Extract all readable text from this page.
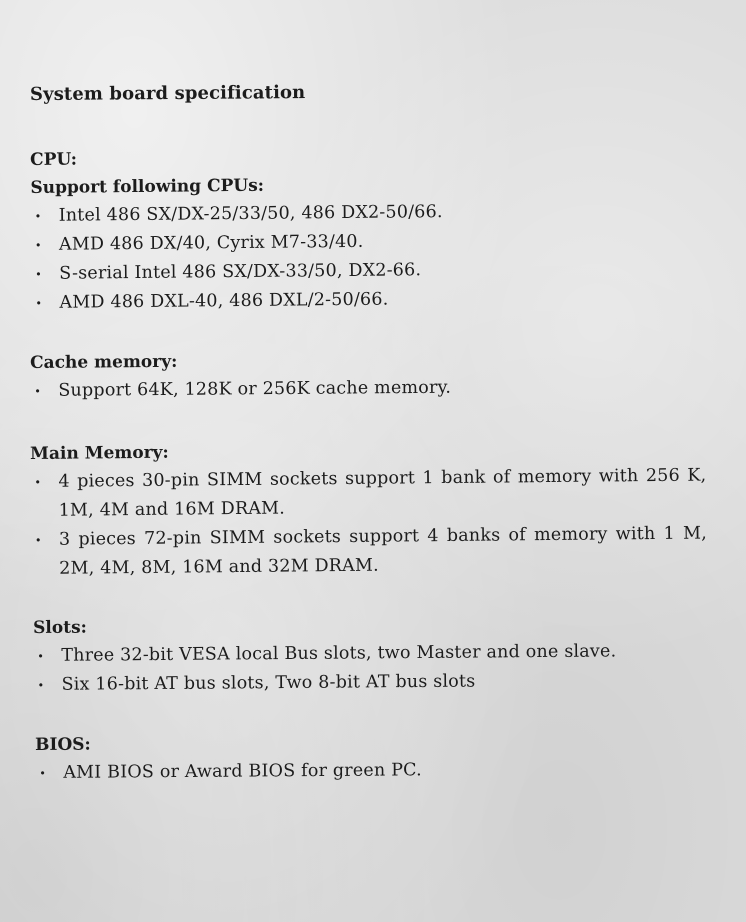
System board specification
CPU:
Support following CPUs:
• Intel 486 SX/DX-25/33/50, 486 DX2-50/66.
• AMD 486 DX/40, Cyrix M7-33/40.
• S-serial Intel 486 SX/DX-33/50, DX2-66.
• AMD 486 DXL-40, 486 DXL/2-50/66.
Cache memory:
• Support 64K, 128K or 256K cache memory.
Main Memory:
• 4 pieces 30-pin SIMM sockets support 1 bank of memory with 256 K, 1M, 4M and 16M DRAM.
• 3 pieces 72-pin SIMM sockets support 4 banks of memory with 1 M, 2M, 4M, 8M, 16M and 32M DRAM.
Slots:
• Three 32-bit VESA local Bus slots, two Master and one slave.
• Six 16-bit AT bus slots, Two 8-bit AT bus slots
BIOS:
• AMI BIOS or Award BIOS for green PC.
